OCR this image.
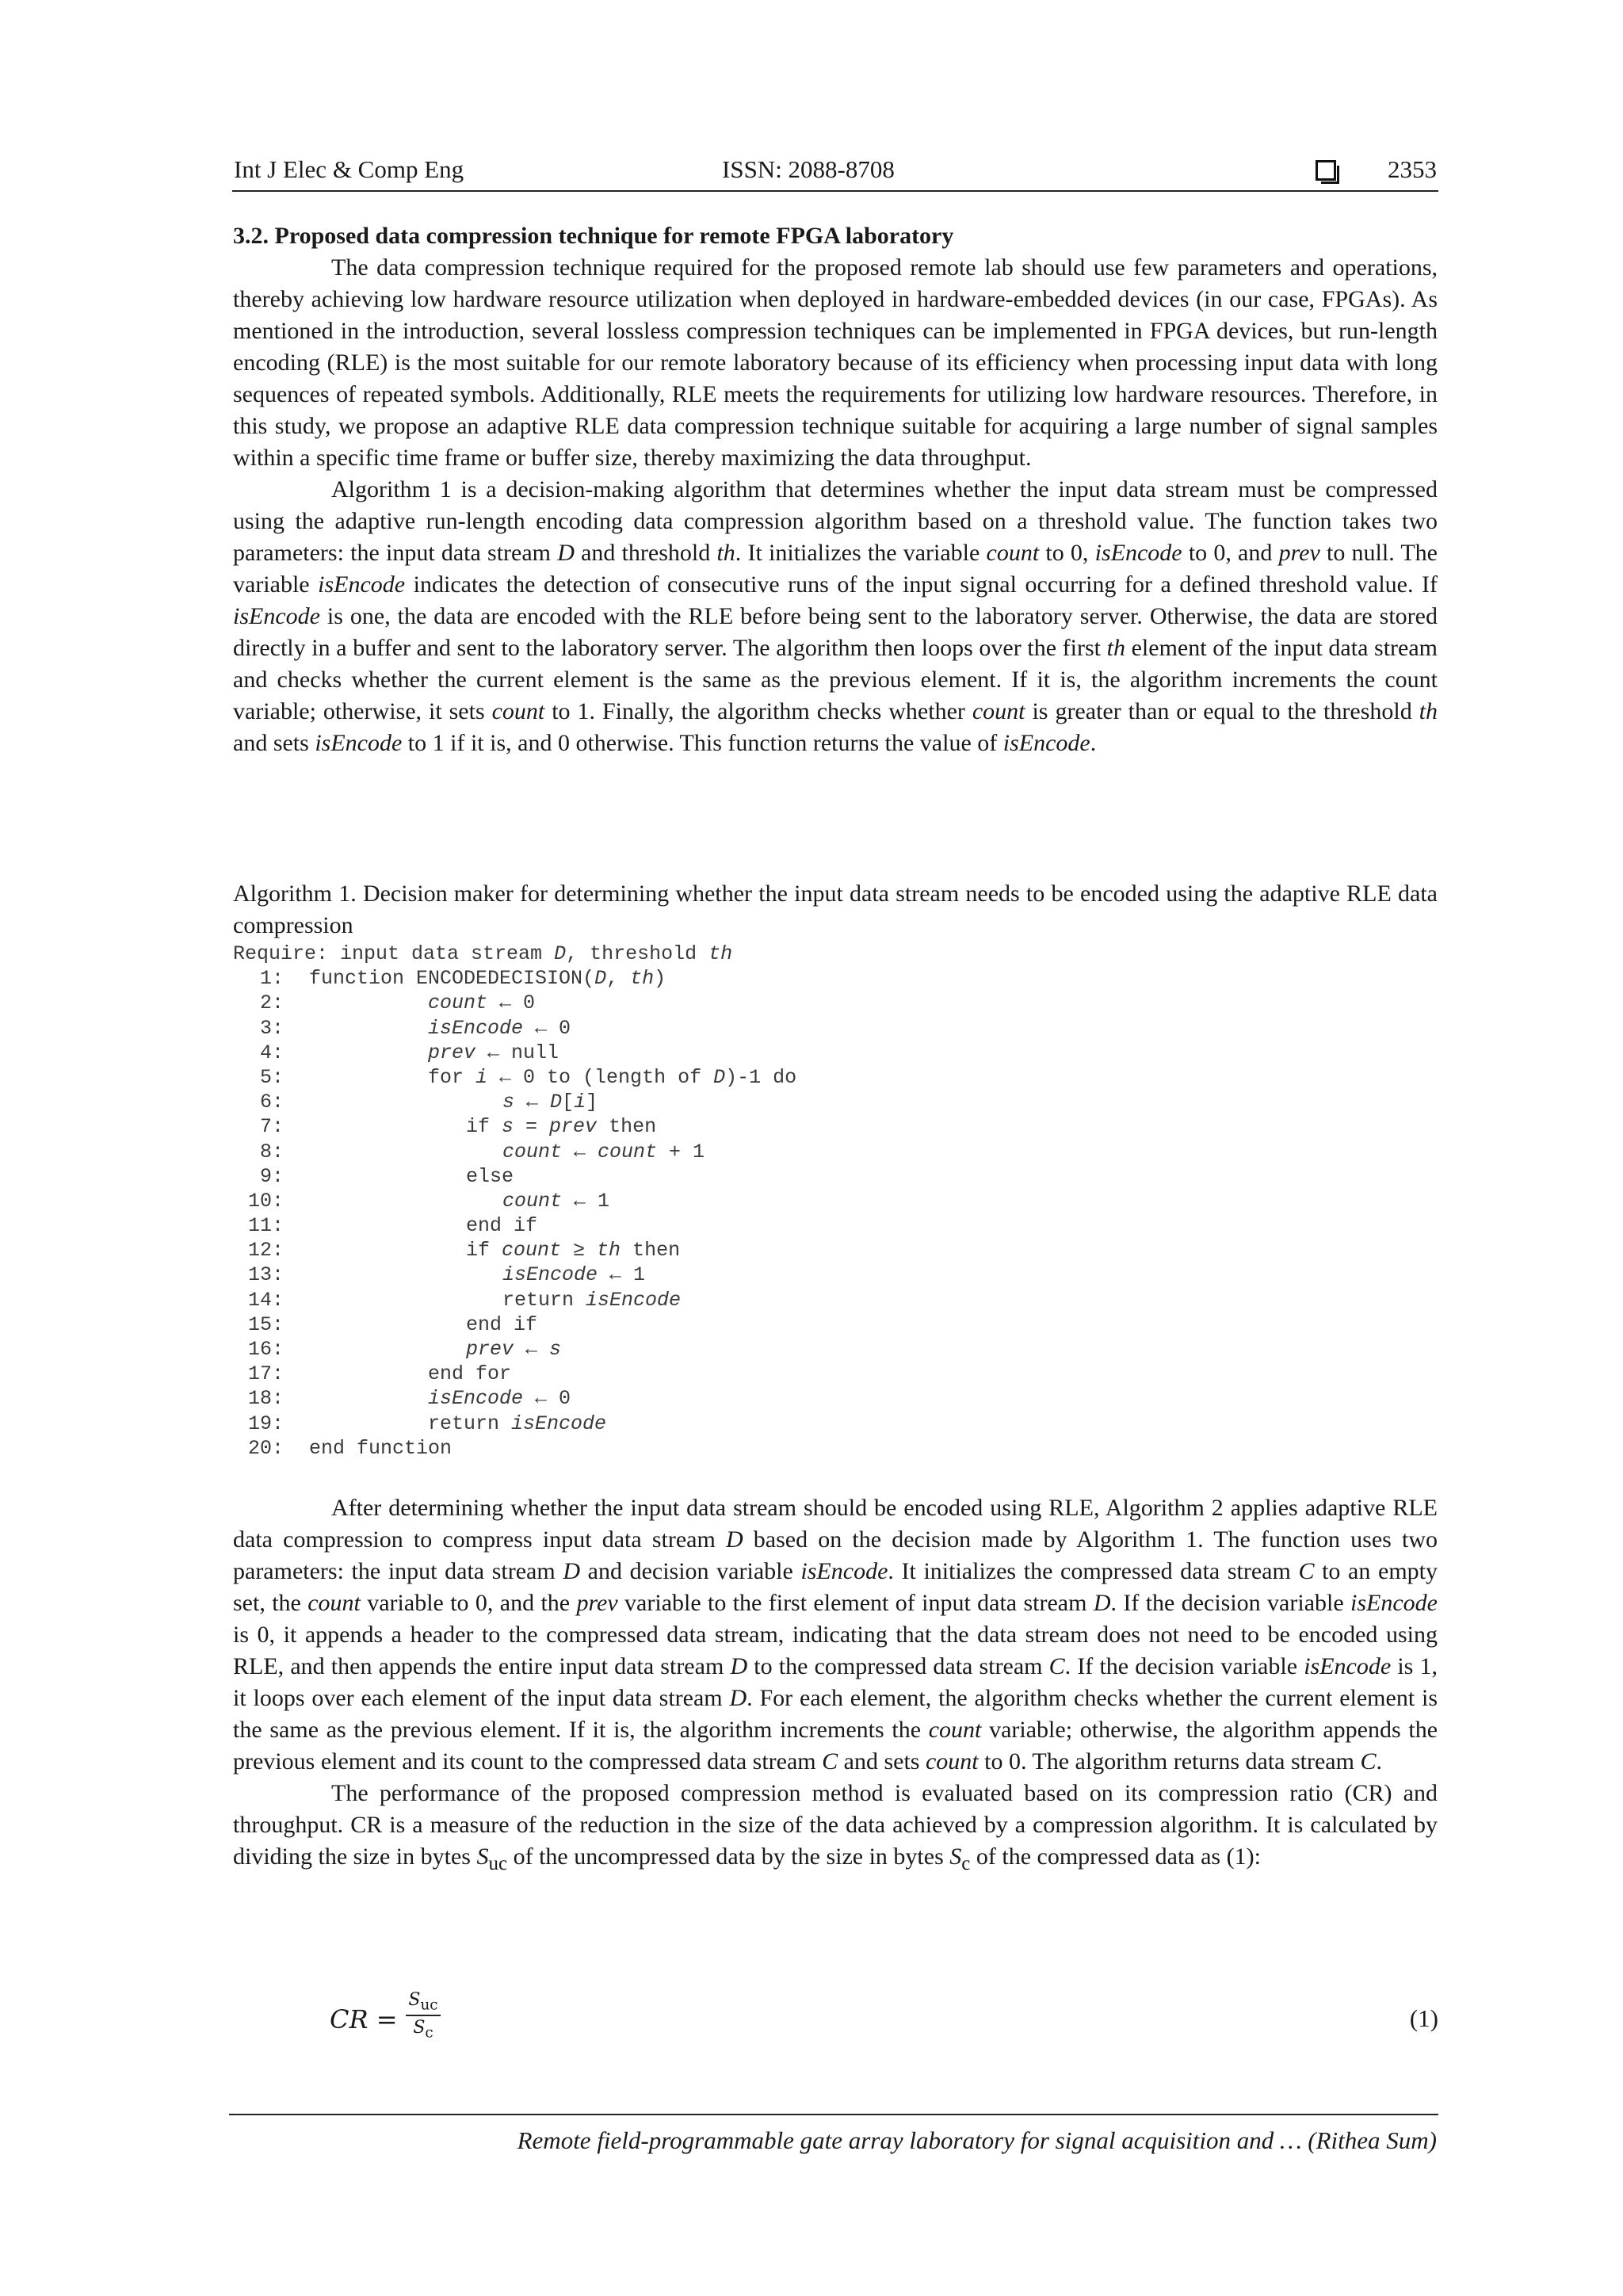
Int J Elec & Comp Eng	ISSN: 2088-8708	2353
3.2. Proposed data compression technique for remote FPGA laboratory

The data compression technique required for the proposed remote lab should use few parameters and operations, thereby achieving low hardware resource utilization when deployed in hardware-embedded devices (in our case, FPGAs). As mentioned in the introduction, several lossless compression techniques can be implemented in FPGA devices, but run-length encoding (RLE) is the most suitable for our remote laboratory because of its efficiency when processing input data with long sequences of repeated symbols. Additionally, RLE meets the requirements for utilizing low hardware resources. Therefore, in this study, we propose an adaptive RLE data compression technique suitable for acquiring a large number of signal samples within a specific time frame or buffer size, thereby maximizing the data throughput.

Algorithm 1 is a decision-making algorithm that determines whether the input data stream must be compressed using the adaptive run-length encoding data compression algorithm based on a threshold value. The function takes two parameters: the input data stream D and threshold th. It initializes the variable count to 0, isEncode to 0, and prev to null. The variable isEncode indicates the detection of consecutive runs of the input signal occurring for a defined threshold value. If isEncode is one, the data are encoded with the RLE before being sent to the laboratory server. Otherwise, the data are stored directly in a buffer and sent to the laboratory server. The algorithm then loops over the first th element of the input data stream and checks whether the current element is the same as the previous element. If it is, the algorithm increments the count variable; otherwise, it sets count to 1. Finally, the algorithm checks whether count is greater than or equal to the threshold th and sets isEncode to 1 if it is, and 0 otherwise. This function returns the value of isEncode.

Algorithm 1. Decision maker for determining whether the input data stream needs to be encoded using the adaptive RLE data compression
Require: input data stream D, threshold th
1: function ENCODEDECISION(D, th)
2:	count ← 0
3:	isEncode ← 0
4:	prev ← null
5:	for i ← 0 to (length of D)-1 do
6:	s ← D[i]
7:	if s = prev then
8:	count ← count + 1
9:	else
10:	count ← 1
11:	end if
12:	if count ≥ th then
13:	isEncode ← 1
14:	return isEncode
15:	end if
16:	prev ← s
17:	end for
18:	isEncode ← 0
19:	return isEncode
20: end function

After determining whether the input data stream should be encoded using RLE, Algorithm 2 applies adaptive RLE data compression to compress input data stream D based on the decision made by Algorithm 1. The function uses two parameters: the input data stream D and decision variable isEncode. It initializes the compressed data stream C to an empty set, the count variable to 0, and the prev variable to the first element of input data stream D. If the decision variable isEncode is 0, it appends a header to the compressed data stream, indicating that the data stream does not need to be encoded using RLE, and then appends the entire input data stream D to the compressed data stream C. If the decision variable isEncode is 1, it loops over each element of the input data stream D. For each element, the algorithm checks whether the current element is the same as the previous element. If it is, the algorithm increments the count variable; otherwise, the algorithm appends the previous element and its count to the compressed data stream C and sets count to 0. The algorithm returns data stream C.

The performance of the proposed compression method is evaluated based on its compression ratio (CR) and throughput. CR is a measure of the reduction in the size of the data achieved by a compression algorithm. It is calculated by dividing the size in bytes $S_{uc}$ of the uncompressed data by the size in bytes $S_c$ of the compressed data as (1):

CR =
$S_{uc}$
$S_c$
(1)
Remote field-programmable gate array laboratory for signal acquisition and … (Rithea Sum)
